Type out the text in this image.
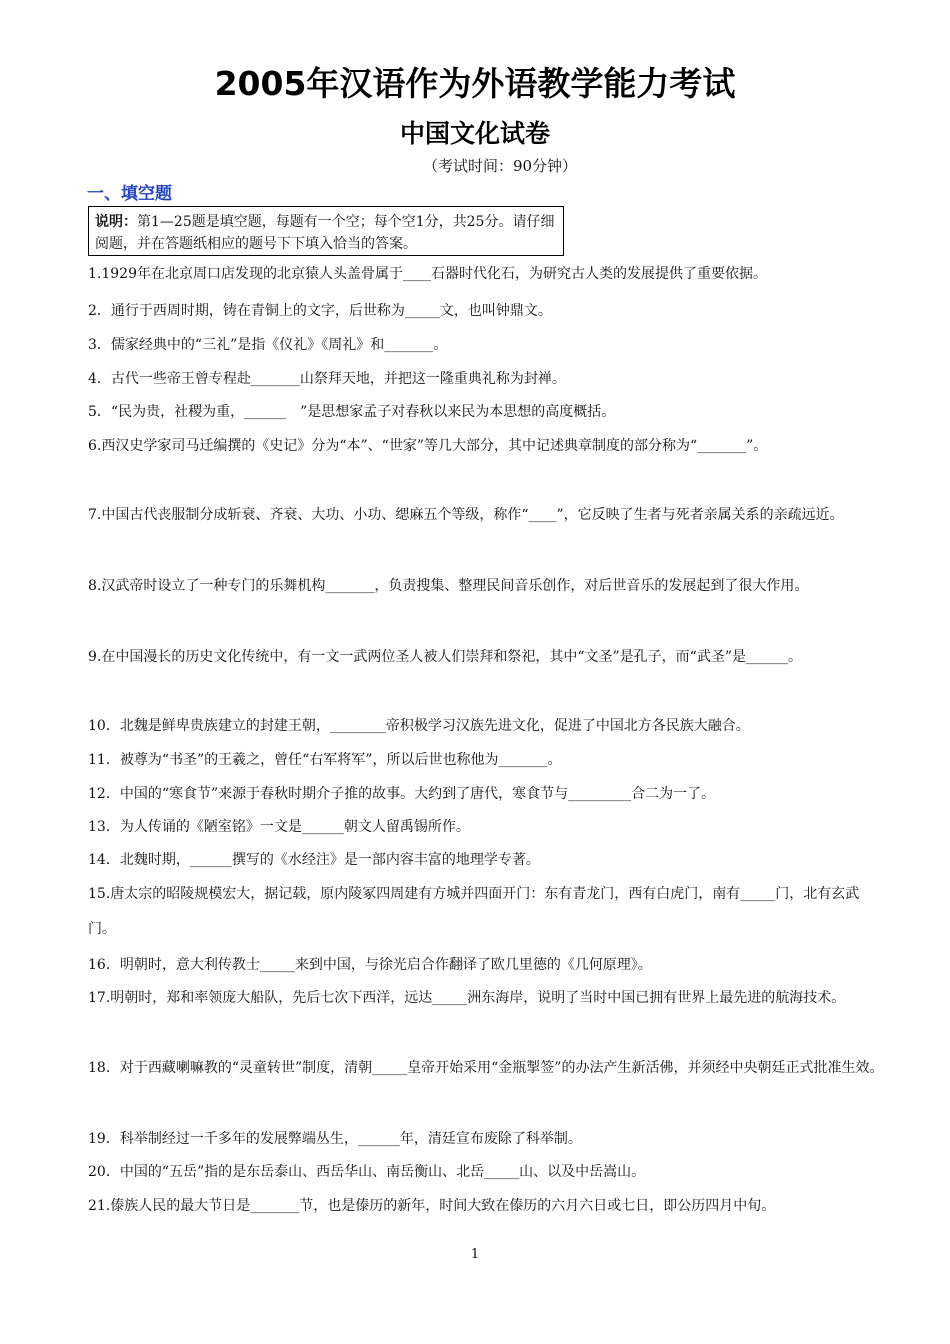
2005年汉语作为外语教学能力考试
中国文化试卷
（考试时间：90分钟）
一、填空题
说明：第1—25题是填空题，每题有一个空；每个空1分，共25分。请仔细阅题，并在答题纸相应的题号下下填入恰当的答案。
1.1929年在北京周口店发现的北京猿人头盖骨属于____石器时代化石，为研究古人类的发展提供了重要依据。
2．通行于西周时期，铸在青铜上的文字，后世称为_____文，也叫钟鼎文。
3．儒家经典中的“三礼”是指《仪礼》《周礼》和_______。
4．古代一些帝王曾专程赴_______山祭拜天地，并把这一隆重典礼称为封禅。
5．“民为贵，社稷为重，______　”是思想家孟子对春秋以来民为本思想的高度概括。
6.西汉史学家司马迁编撰的《史记》分为“本”、“世家”等几大部分，其中记述典章制度的部分称为“_______”。
7.中国古代丧服制分成斩衰、齐衰、大功、小功、缌麻五个等级，称作“____”，它反映了生者与死者亲属关系的亲疏远近。
8.汉武帝时设立了一种专门的乐舞机构_______，负责搜集、整理民间音乐创作，对后世音乐的发展起到了很大作用。
9.在中国漫长的历史文化传统中，有一文一武两位圣人被人们崇拜和祭祀，其中“文圣”是孔子，而“武圣”是______。
10．北魏是鲜卑贵族建立的封建王朝，________帝积极学习汉族先进文化，促进了中国北方各民族大融合。
11．被尊为“书圣”的王羲之，曾任“右军将军”，所以后世也称他为_______。
12．中国的“寒食节”来源于春秋时期介子推的故事。大约到了唐代，寒食节与_________合二为一了。
13．为人传诵的《陋室铭》一文是______朝文人留禹锡所作。
14．北魏时期，______撰写的《水经注》是一部内容丰富的地理学专著。
15.唐太宗的昭陵规模宏大，据记载，原内陵冢四周建有方城并四面开门：东有青龙门，西有白虎门，南有_____门，北有玄武门。
16．明朝时，意大利传教士_____来到中国，与徐光启合作翻译了欧几里德的《几何原理》。
17.明朝时，郑和率领庞大船队，先后七次下西洋，远达_____洲东海岸，说明了当时中国已拥有世界上最先进的航海技术。
18．对于西藏喇嘛教的“灵童转世”制度，清朝_____皇帝开始采用“金瓶掣签”的办法产生新活佛，并须经中央朝廷正式批准生效。
19．科举制经过一千多年的发展弊端丛生，______年，清廷宣布废除了科举制。
20．中国的“五岳”指的是东岳泰山、西岳华山、南岳衡山、北岳_____山、以及中岳嵩山。
21.傣族人民的最大节日是_______节，也是傣历的新年，时间大致在傣历的六月六日或七日，即公历四月中旬。
1
